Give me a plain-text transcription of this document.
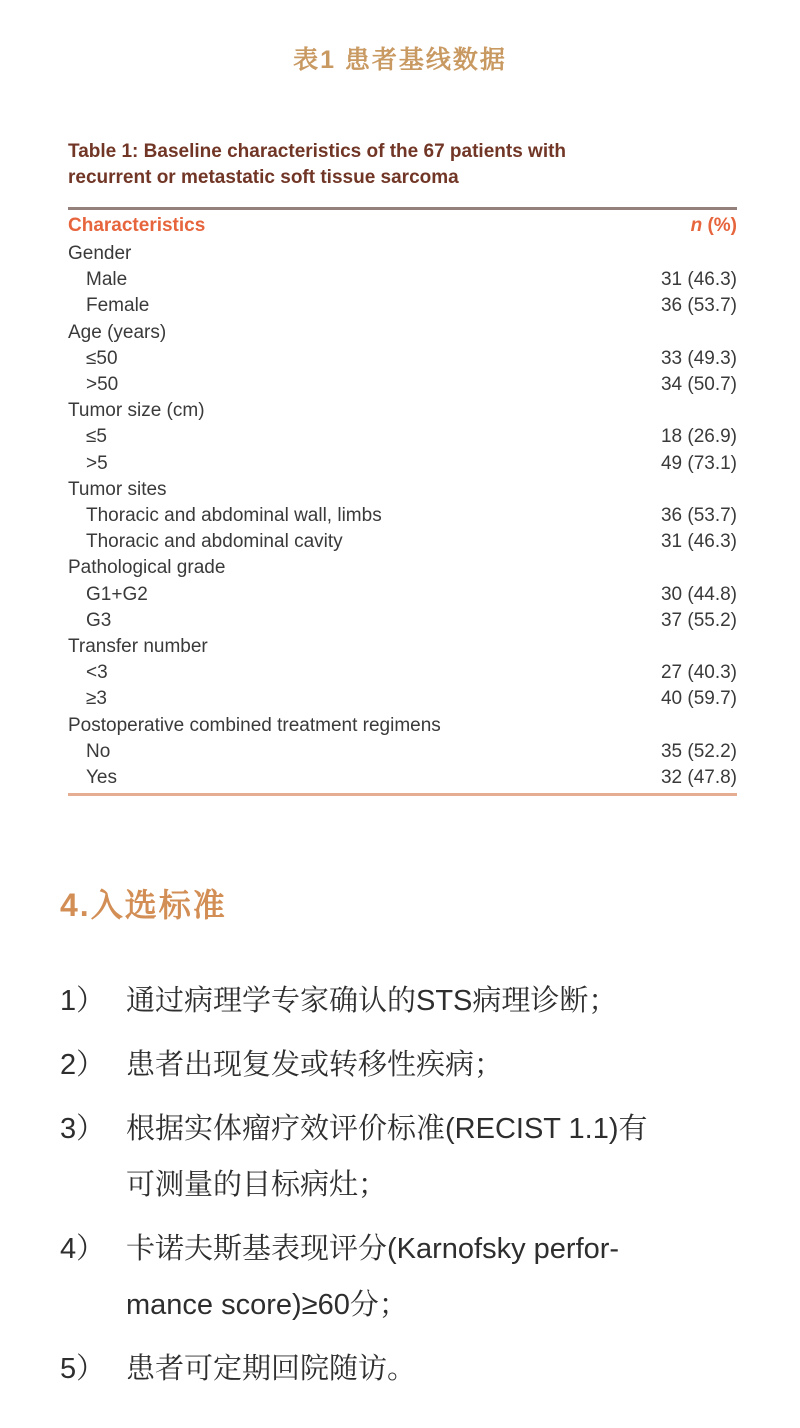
表1 患者基线数据
Table 1: Baseline characteristics of the 67 patients with
recurrent or metastatic soft tissue sarcoma
Characteristics	n (%)
Gender
Male	31 (46.3)
Female	36 (53.7)
Age (years)
≤50	33 (49.3)
>50	34 (50.7)
Tumor size (cm)
≤5	18 (26.9)
>5	49 (73.1)
Tumor sites
Thoracic and abdominal wall, limbs	36 (53.7)
Thoracic and abdominal cavity	31 (46.3)
Pathological grade
G1+G2	30 (44.8)
G3	37 (55.2)
Transfer number
<3	27 (40.3)
≥3	40 (59.7)
Postoperative combined treatment regimens
No	35 (52.2)
Yes	32 (47.8)
4.入选标准
1） 通过病理学专家确认的STS病理诊断；
2） 患者出现复发或转移性疾病；
3） 根据实体瘤疗效评价标准(RECIST 1.1)有
可测量的目标病灶；
4） 卡诺夫斯基表现评分(Karnofsky perfor-
mance score)≥60分；
5） 患者可定期回院随访。
